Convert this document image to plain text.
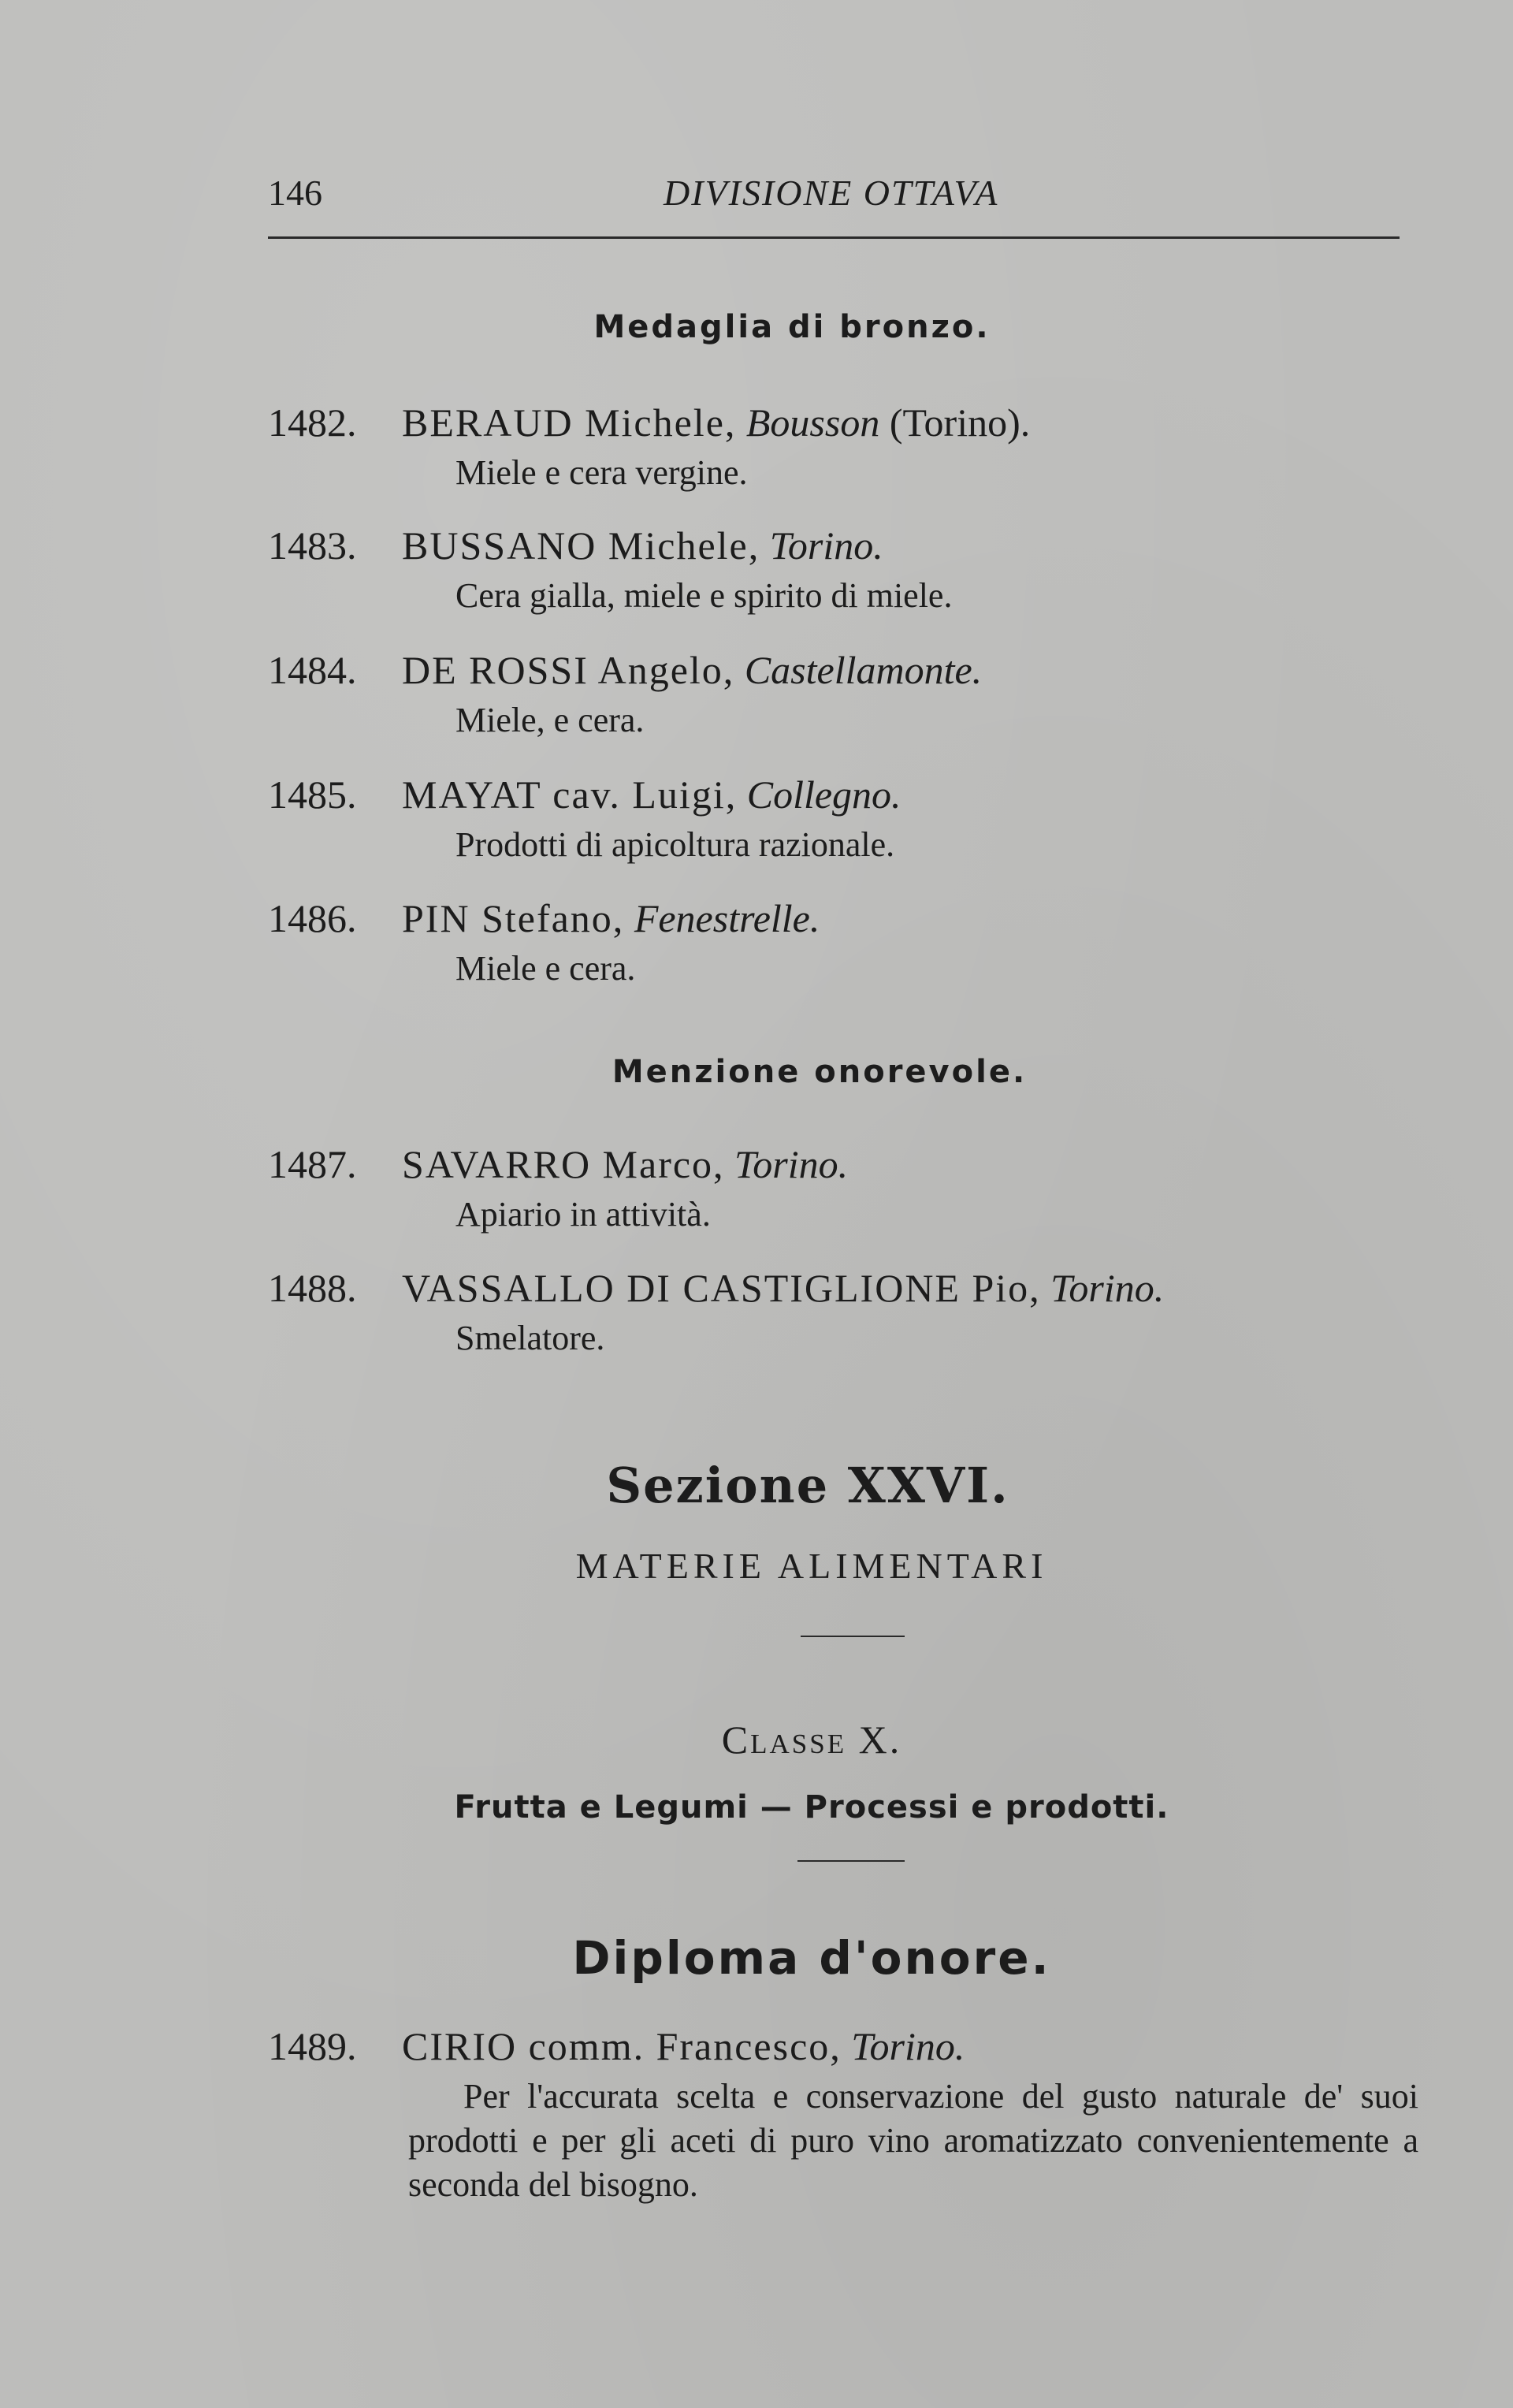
146	DIVISIONE OTTAVA
Medaglia di bronzo.
1482. BERAUD Michele, Bousson (Torino).
Miele e cera vergine.
1483. BUSSANO Michele, Torino.
Cera gialla, miele e spirito di miele.
1484. DE ROSSI Angelo, Castellamonte.
Miele, e cera.
1485. MAYAT cav. Luigi, Collegno.
Prodotti di apicoltura razionale.
1486. PIN Stefano, Fenestrelle.
Miele e cera.
Menzione onorevole.
1487. SAVARRO Marco, Torino.
Apiario in attività.
1488. VASSALLO DI CASTIGLIONE Pio, Torino.
Smelatore.
Sezione XXVI.
MATERIE ALIMENTARI
Classe X.
Frutta e Legumi — Processi e prodotti.
Diploma d'onore.
1489. CIRIO comm. Francesco, Torino.
Per l'accurata scelta e conservazione del gusto naturale de' suoi prodotti e per gli aceti di puro vino aromatizzato convenientemente a seconda del bisogno.
